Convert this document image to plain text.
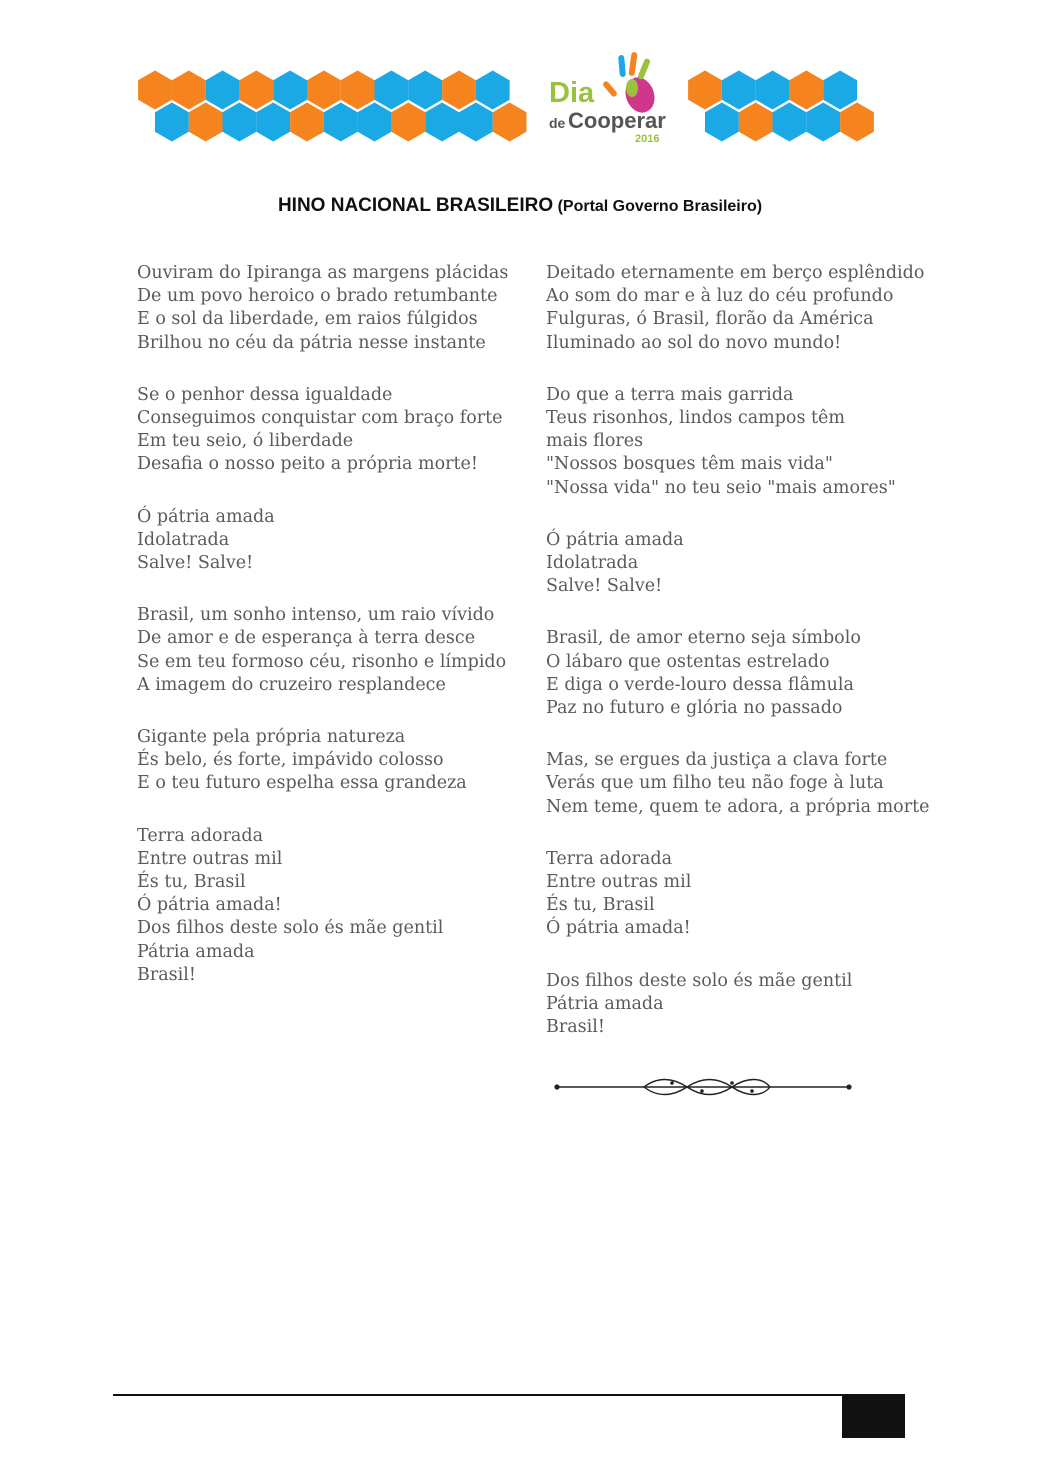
Dia
de Cooperar
2016
HINO NACIONAL BRASILEIRO (Portal Governo Brasileiro)
Ouviram do Ipiranga as margens plácidas
De um povo heroico o brado retumbante
E o sol da liberdade, em raios fúlgidos
Brilhou no céu da pátria nesse instante
Se o penhor dessa igualdade
Conseguimos conquistar com braço forte
Em teu seio, ó liberdade
Desafia o nosso peito a própria morte!
Ó pátria amada
Idolatrada
Salve! Salve!
Brasil, um sonho intenso, um raio vívido
De amor e de esperança à terra desce
Se em teu formoso céu, risonho e límpido
A imagem do cruzeiro resplandece
Gigante pela própria natureza
És belo, és forte, impávido colosso
E o teu futuro espelha essa grandeza
Terra adorada
Entre outras mil
És tu, Brasil
Ó pátria amada!
Dos filhos deste solo és mãe gentil
Pátria amada
Brasil!
Deitado eternamente em berço esplêndido
Ao som do mar e à luz do céu profundo
Fulguras, ó Brasil, florão da América
Iluminado ao sol do novo mundo!
Do que a terra mais garrida
Teus risonhos, lindos campos têm mais flores
"Nossos bosques têm mais vida"
"Nossa vida" no teu seio "mais amores"
Ó pátria amada
Idolatrada
Salve! Salve!
Brasil, de amor eterno seja símbolo
O lábaro que ostentas estrelado
E diga o verde-louro dessa flâmula
Paz no futuro e glória no passado
Mas, se ergues da justiça a clava forte
Verás que um filho teu não foge à luta
Nem teme, quem te adora, a própria morte
Terra adorada
Entre outras mil
És tu, Brasil
Ó pátria amada!
Dos filhos deste solo és mãe gentil
Pátria amada
Brasil!
